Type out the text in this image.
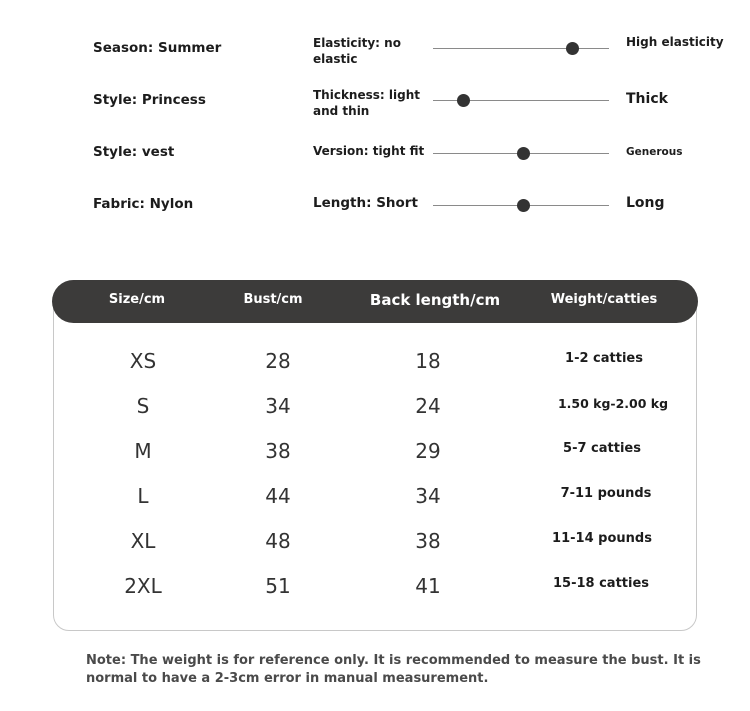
Season: Summer
Style: Princess
Style: vest
Fabric: Nylon
Elasticity: no elastic
High elasticity
Thickness: light and thin
Thick
Version: tight fit	Generous
Length: Short	Long
Size/cm	Bust/cm	Back length/cm	Weight/catties
XS	28	18	1-2 catties
S	34	24	1.50 kg-2.00 kg
M	38	29	5-7 catties
L	44	34	7-11 pounds
XL	48	38	11-14 pounds
2XL	51	41	15-18 catties
Note: The weight is for reference only. It is recommended to measure the bust. It is normal to have a 2-3cm error in manual measurement.
